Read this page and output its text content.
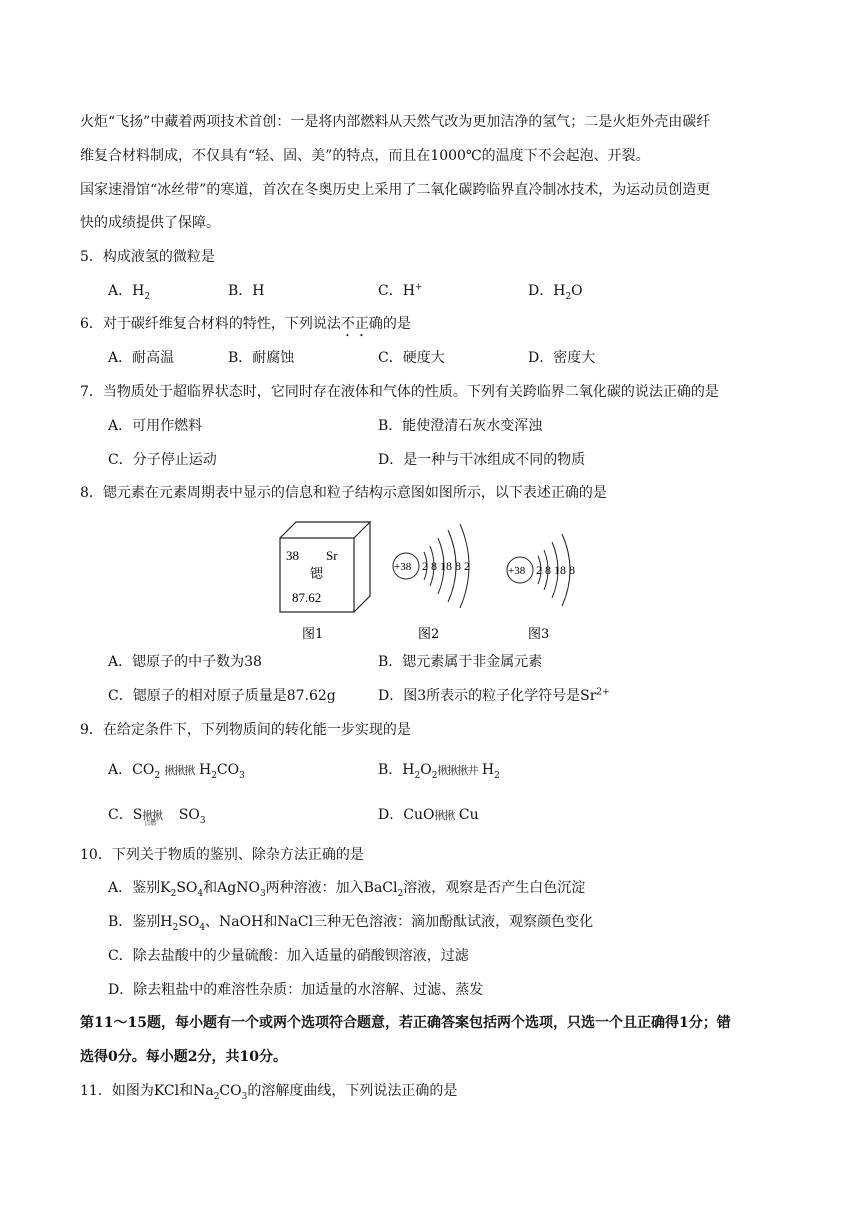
火炬“飞扬”中藏着两项技术首创：一是将内部燃料从天然气改为更加洁净的氢气；二是火炬外壳由碳纤
维复合材料制成，不仅具有“轻、固、美”的特点，而且在1000℃的温度下不会起泡、开裂。
国家速滑馆“冰丝带”的寒道，首次在冬奥历史上采用了二氧化碳跨临界直冷制冰技术，为运动员创造更
快的成绩提供了保障。
5．构成液氢的微粒是
A．$H_2$	B．H	C．H+	D．$H_2O$
6．对于碳纤维复合材料的特性，下列说法不正确的是
A．耐高温	B．耐腐蚀	C．硬度大	D．密度大
7．当物质处于超临界状态时，它同时存在液体和气体的性质。下列有关跨临界二氧化碳的说法正确的是
A．可用作燃料	B．能使澄清石灰水变浑浊
C．分子停止运动	D．是一种与干冰组成不同的物质
8．锶元素在元素周期表中显示的信息和粒子结构示意图如图所示，以下表述正确的是
38 Sr
锶
87.62
+38 2 8 18 8 2	+38 2 8 18 8
图1	图2	图3
A．锶原子的中子数为38	B．锶元素属于非金属元素
C．锶原子的相对原子质量是87.62g	D．图3所表示的粒子化学符号是$Sr^{2+}$
9．在给定条件下，下列物质间的转化能一步实现的是
A．$CO_2$ 揪揪揪 $H_2CO_3$	B．$H_2O_2$揪揪揪井 $H_2$
C．S揪揪$_{点燃}$ $SO_3$	D．CuO揪揪 Cu
10．下列关于物质的鉴别、除杂方法正确的是
A．鉴别$K_2SO_4$和AgNO$_3$两种溶液：加入BaCl$_2$溶液，观察是否产生白色沉淀
B．鉴别$H_2SO_4$、NaOH和NaCl三种无色溶液：滴加酚酞试液，观察颜色变化
C．除去盐酸中的少量硫酸：加入适量的硝酸钡溶液，过滤
D．除去粗盐中的难溶性杂质：加适量的水溶解、过滤、蒸发
第11～15题，每小题有一个或两个选项符合题意，若正确答案包括两个选项，只选一个且正确得1分；错
选得0分。每小题2分，共10分。
11．如图为KCl和$Na_2CO_3$的溶解度曲线，下列说法正确的是
